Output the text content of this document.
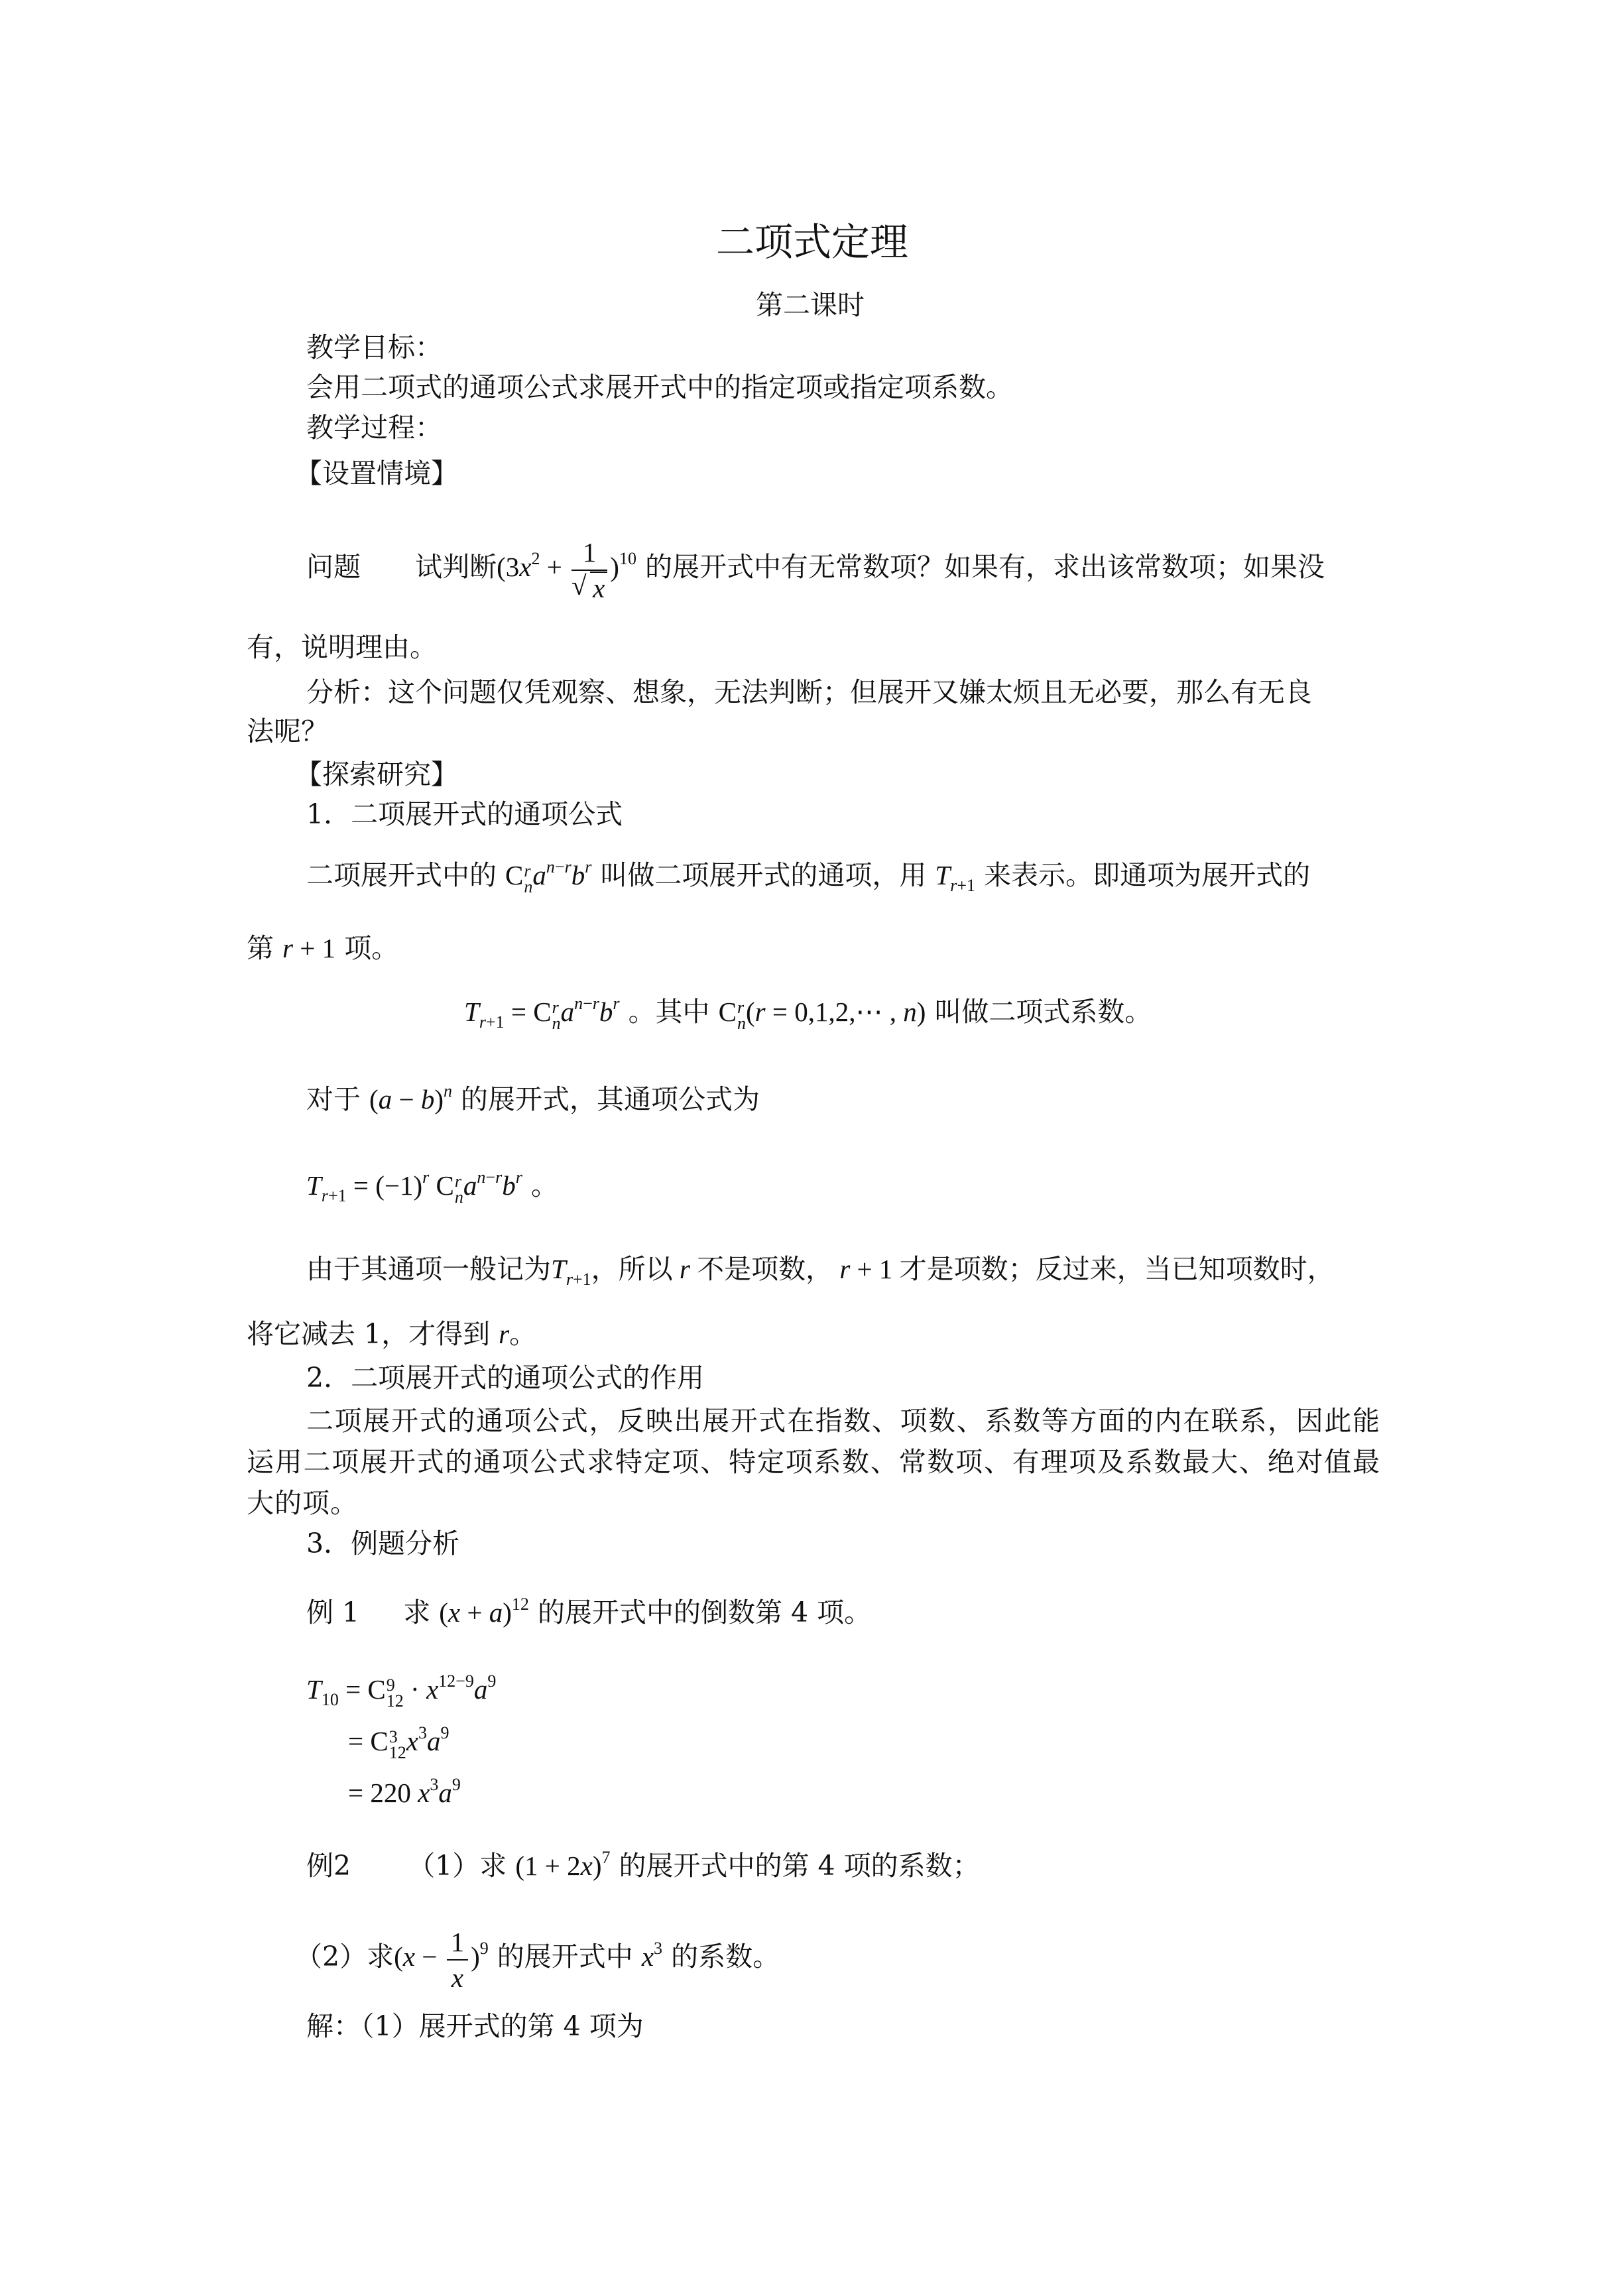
二项式定理
第二课时
教学目标：
会用二项式的通项公式求展开式中的指定项或指定项系数。
教学过程：
【设置情境】
问题 试判断($3x^2 + 1$
√ x )$^{10}$ 的展开式中有无常数项？如果有，求出该常数项；如果没
有，说明理由。
分析：这个问题仅凭观察、想象，无法判断；但展开又嫌太烦且无必要，那么有无良
法呢？
【探索研究】
1．二项展开式的通项公式
二项展开式中的 C r
n $a^{n-r}b^r$ 叫做二项展开式的通项，用 $T_{r+1}$ 来表示。即通项为展开式的
第 r + 1 项。
$T_{r+1} = C$ r
n $a^{n-r}b^r$ 。其中 C r
n (r = 0,1,2,⋯ , n) 叫做二项式系数。
对于 $(a - b)^n$ 的展开式，其通项公式为
$T_{r+1} = (-1)^r$ C r
n $a^{n-r}b^r$ 。
由于其通项一般记为$T_{r+1}$，所以 r 不是项数， r + 1 才是项数；反过来，当已知项数时，
将它减去 1，才得到 r。
2．二项展开式的通项公式的作用
二项展开式的通项公式，反映出展开式在指数、项数、系数等方面的内在联系，因此能运用二项展开式的通项公式求特定项、特定项系数、常数项、有理项及系数最大、绝对值最大的项。
3．例题分析
例 1 求 $(x + a)^{12}$ 的展开式中的倒数第 4 项。
$T_{10} = C$ 9
$12 \cdot x^{12-9}a^9$
= C 3
12 $x^3a^9$
= 220 $x^3a^9$
例2 （1）求 $(1 + 2x)^7$ 的展开式中的第 4 项的系数；
（2）求$(x - \frac{1}{x} )^9$ 的展开式中 $x^3$ 的系数。
解：（1）展开式的第 4 项为
